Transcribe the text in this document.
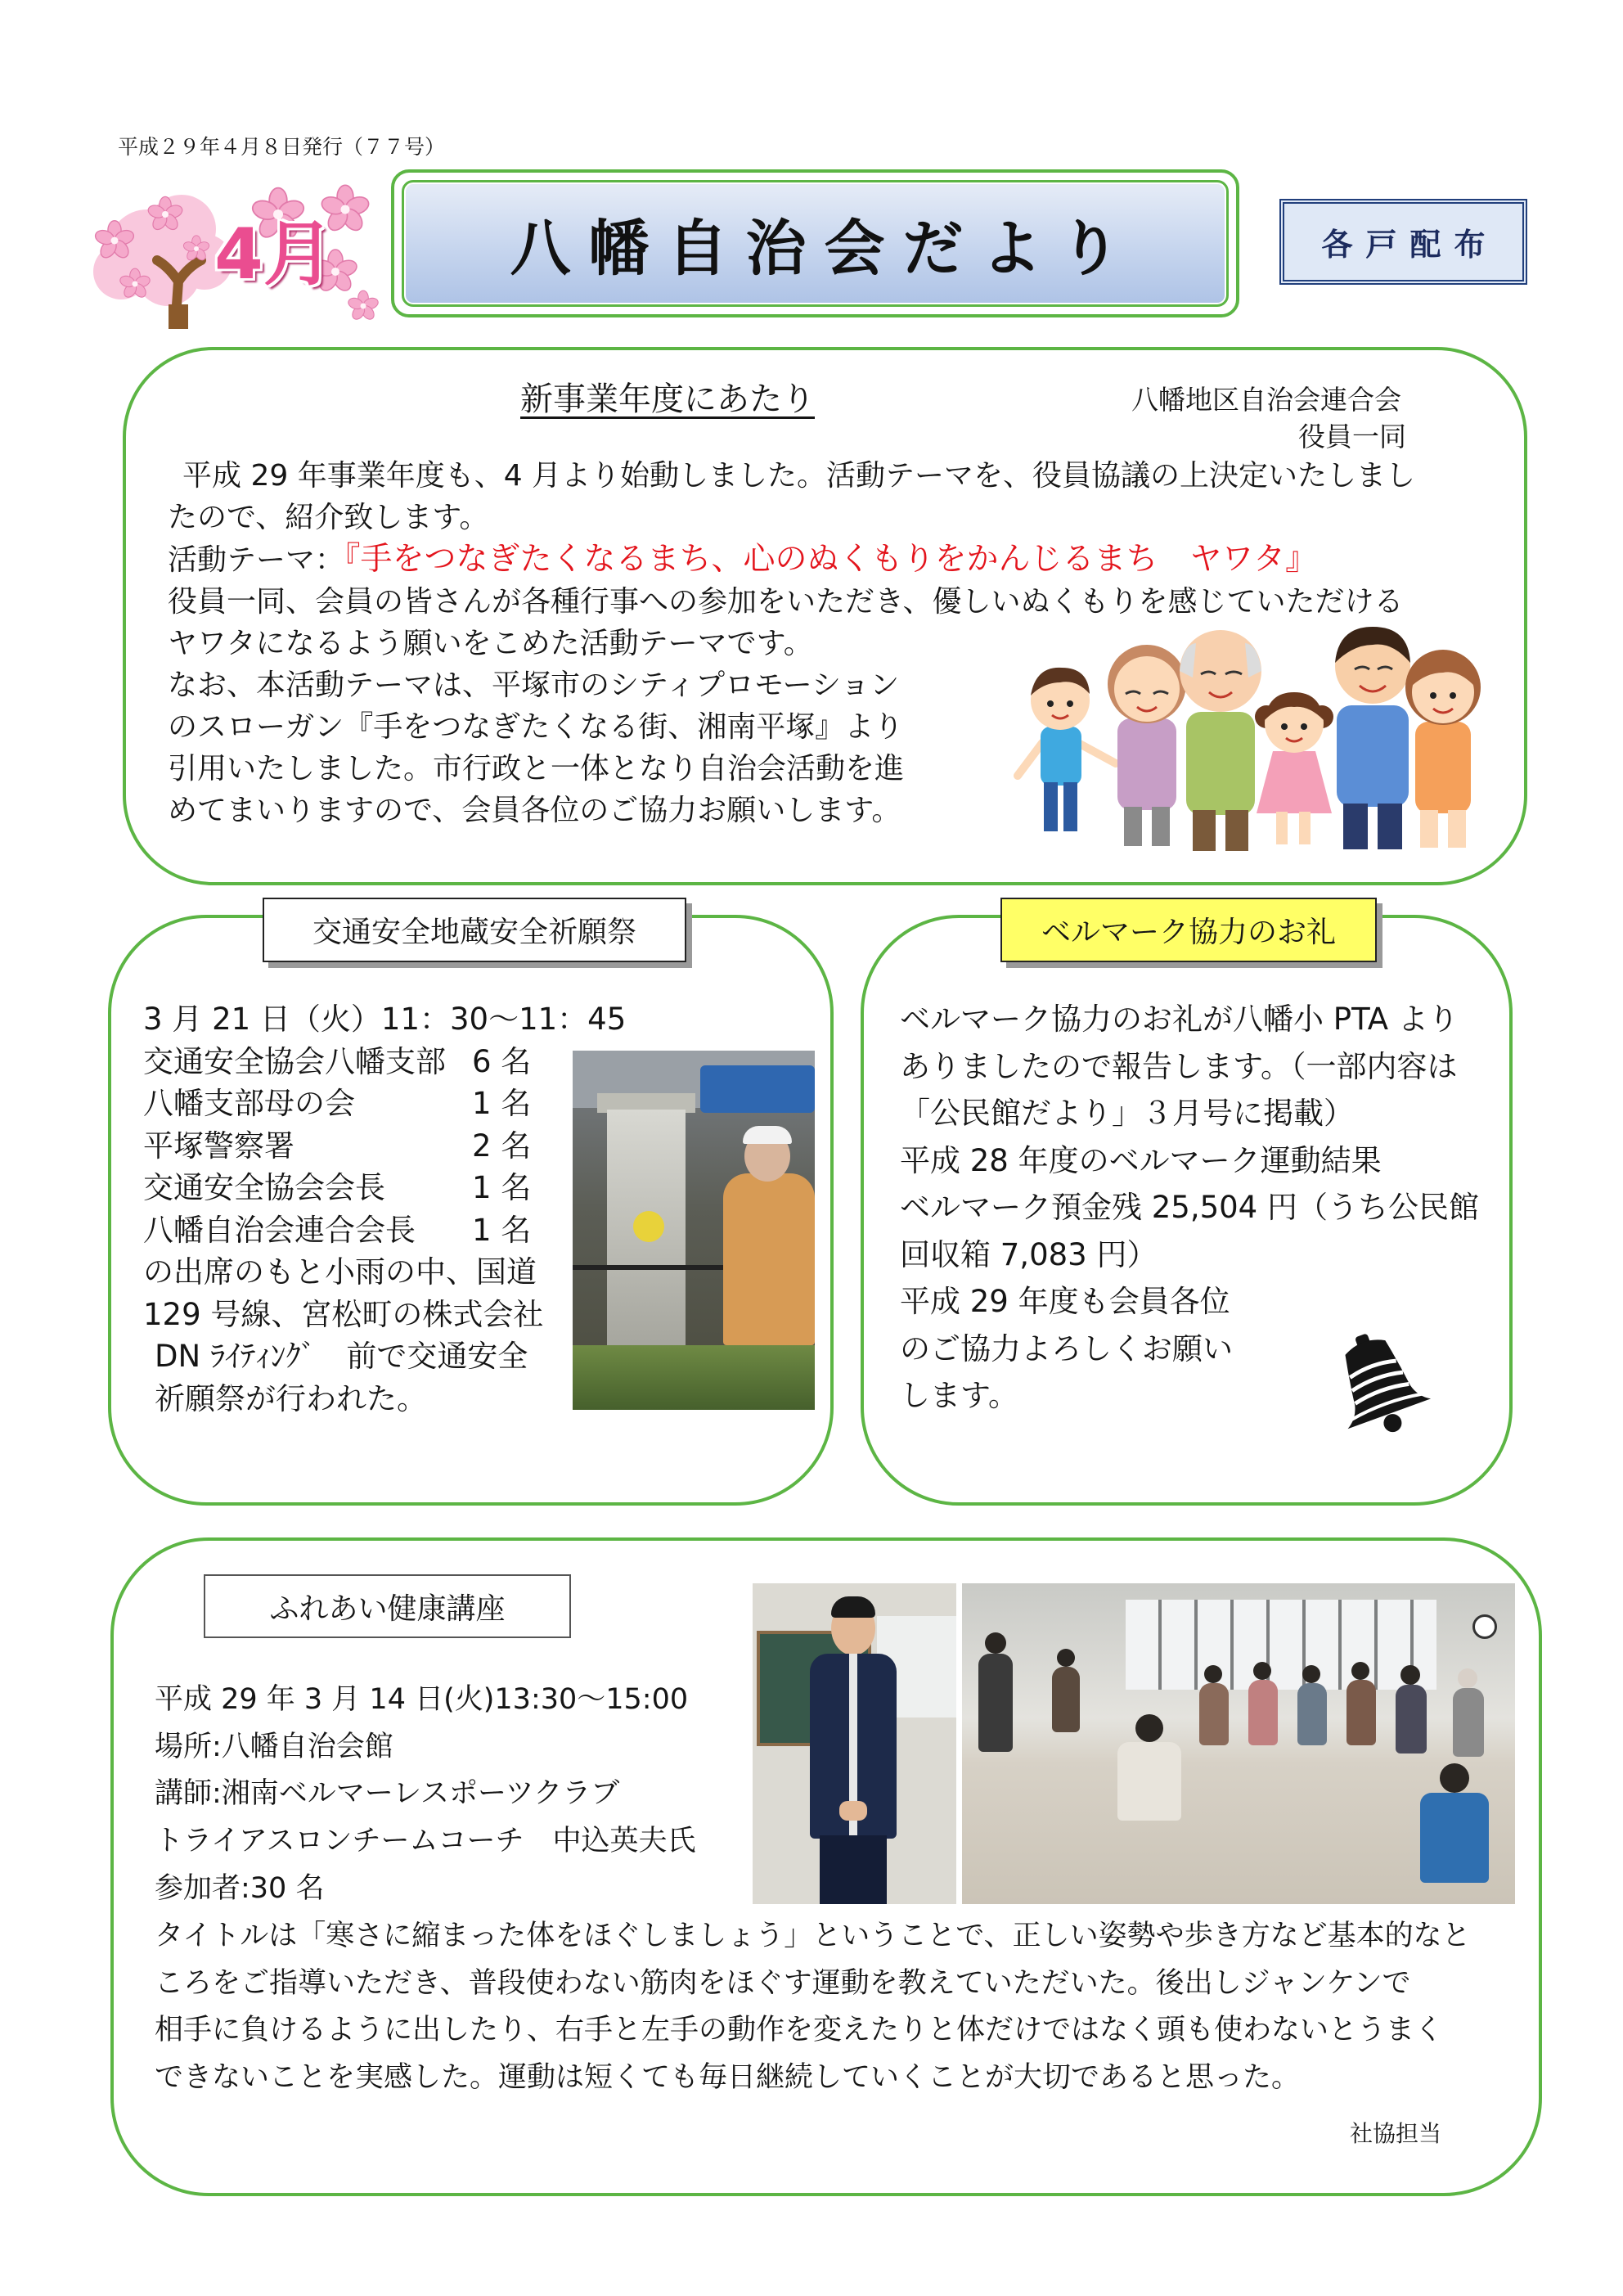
平成２９年４月８日発行（７７号）
4月	八幡自治会だより	各戸配布
新事業年度にあたり	八幡地区自治会連合会
役員一同
平成 29 年事業年度も、4 月より始動しました。活動テーマを、役員協議の上決定いたしまし
たので、紹介致します。
活動テーマ：『手をつなぎたくなるまち、心のぬくもりをかんじるまち　ヤワタ』
役員一同、会員の皆さんが各種行事への参加をいただき、優しいぬくもりを感じていただける
ヤワタになるよう願いをこめた活動テーマです。
なお、本活動テーマは、平塚市のシティプロモーション
のスローガン『手をつなぎたくなる街、湘南平塚』より
引用いたしました。市行政と一体となり自治会活動を進
めてまいりますので、会員各位のご協力お願いします。
交通安全地蔵安全祈願祭
3 月 21 日（火）11：30～11：45
交通安全協会八幡支部 6 名
八幡支部母の会	1 名
平塚警察署	2 名
交通安全協会会長	1 名
八幡自治会連合会長 1 名
の出席のもと小雨の中、国道
129 号線、宮松町の株式会社
DN ﾗｲﾃｨﾝｸﾞ　前で交通安全
祈願祭が行われた。
ベルマーク協力のお礼
ベルマーク協力のお礼が八幡小 PTA より
ありましたので報告します。（一部内容は
「公民館だより」３月号に掲載）
平成 28 年度のベルマーク運動結果
ベルマーク預金残 25,504 円（うち公民館
回収箱 7,083 円）
平成 29 年度も会員各位
のご協力よろしくお願い
します。
ふれあい健康講座
平成 29 年 3 月 14 日(火)13:30～15:00
場所:八幡自治会館
講師:湘南ベルマーレスポーツクラブ
トライアスロンチームコーチ　中込英夫氏
参加者:30 名
タイトルは「寒さに縮まった体をほぐしましょう」ということで、正しい姿勢や歩き方など基本的なと
ころをご指導いただき、普段使わない筋肉をほぐす運動を教えていただいた。後出しジャンケンで
相手に負けるように出したり、右手と左手の動作を変えたりと体だけではなく頭も使わないとうまく
できないことを実感した。運動は短くても毎日継続していくことが大切であると思った。
社協担当
